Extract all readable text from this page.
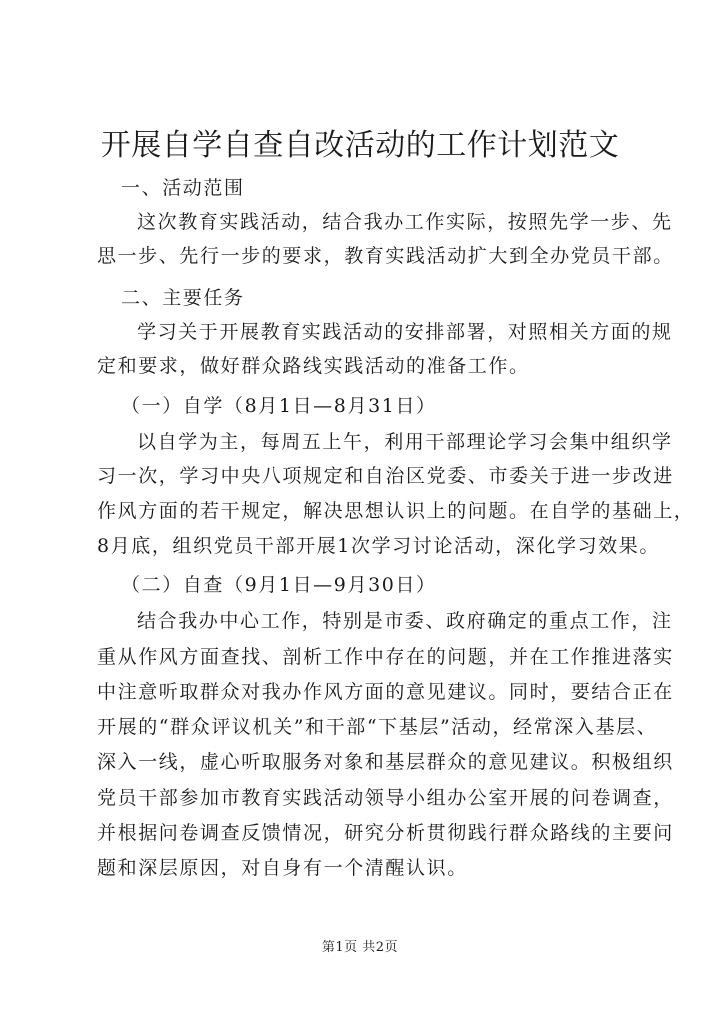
开展自学自查自改活动的工作计划范文
一、活动范围
这次教育实践活动，结合我办工作实际，按照先学一步、先
思一步、先行一步的要求，教育实践活动扩大到全办党员干部。
二、主要任务
学习关于开展教育实践活动的安排部署，对照相关方面的规
定和要求，做好群众路线实践活动的准备工作。
（一）自学（8月1日—8月31日）
以自学为主，每周五上午，利用干部理论学习会集中组织学
习一次，学习中央八项规定和自治区党委、市委关于进一步改进
作风方面的若干规定，解决思想认识上的问题。在自学的基础上，
8月底，组织党员干部开展1次学习讨论活动，深化学习效果。
（二）自查（9月1日—9月30日）
结合我办中心工作，特别是市委、政府确定的重点工作，注
重从作风方面查找、剖析工作中存在的问题，并在工作推进落实
中注意听取群众对我办作风方面的意见建议。同时，要结合正在
开展的“群众评议机关”和干部“下基层”活动，经常深入基层、
深入一线，虚心听取服务对象和基层群众的意见建议。积极组织
党员干部参加市教育实践活动领导小组办公室开展的问卷调查，
并根据问卷调查反馈情况，研究分析贯彻践行群众路线的主要问
题和深层原因，对自身有一个清醒认识。
第1页 共2页
